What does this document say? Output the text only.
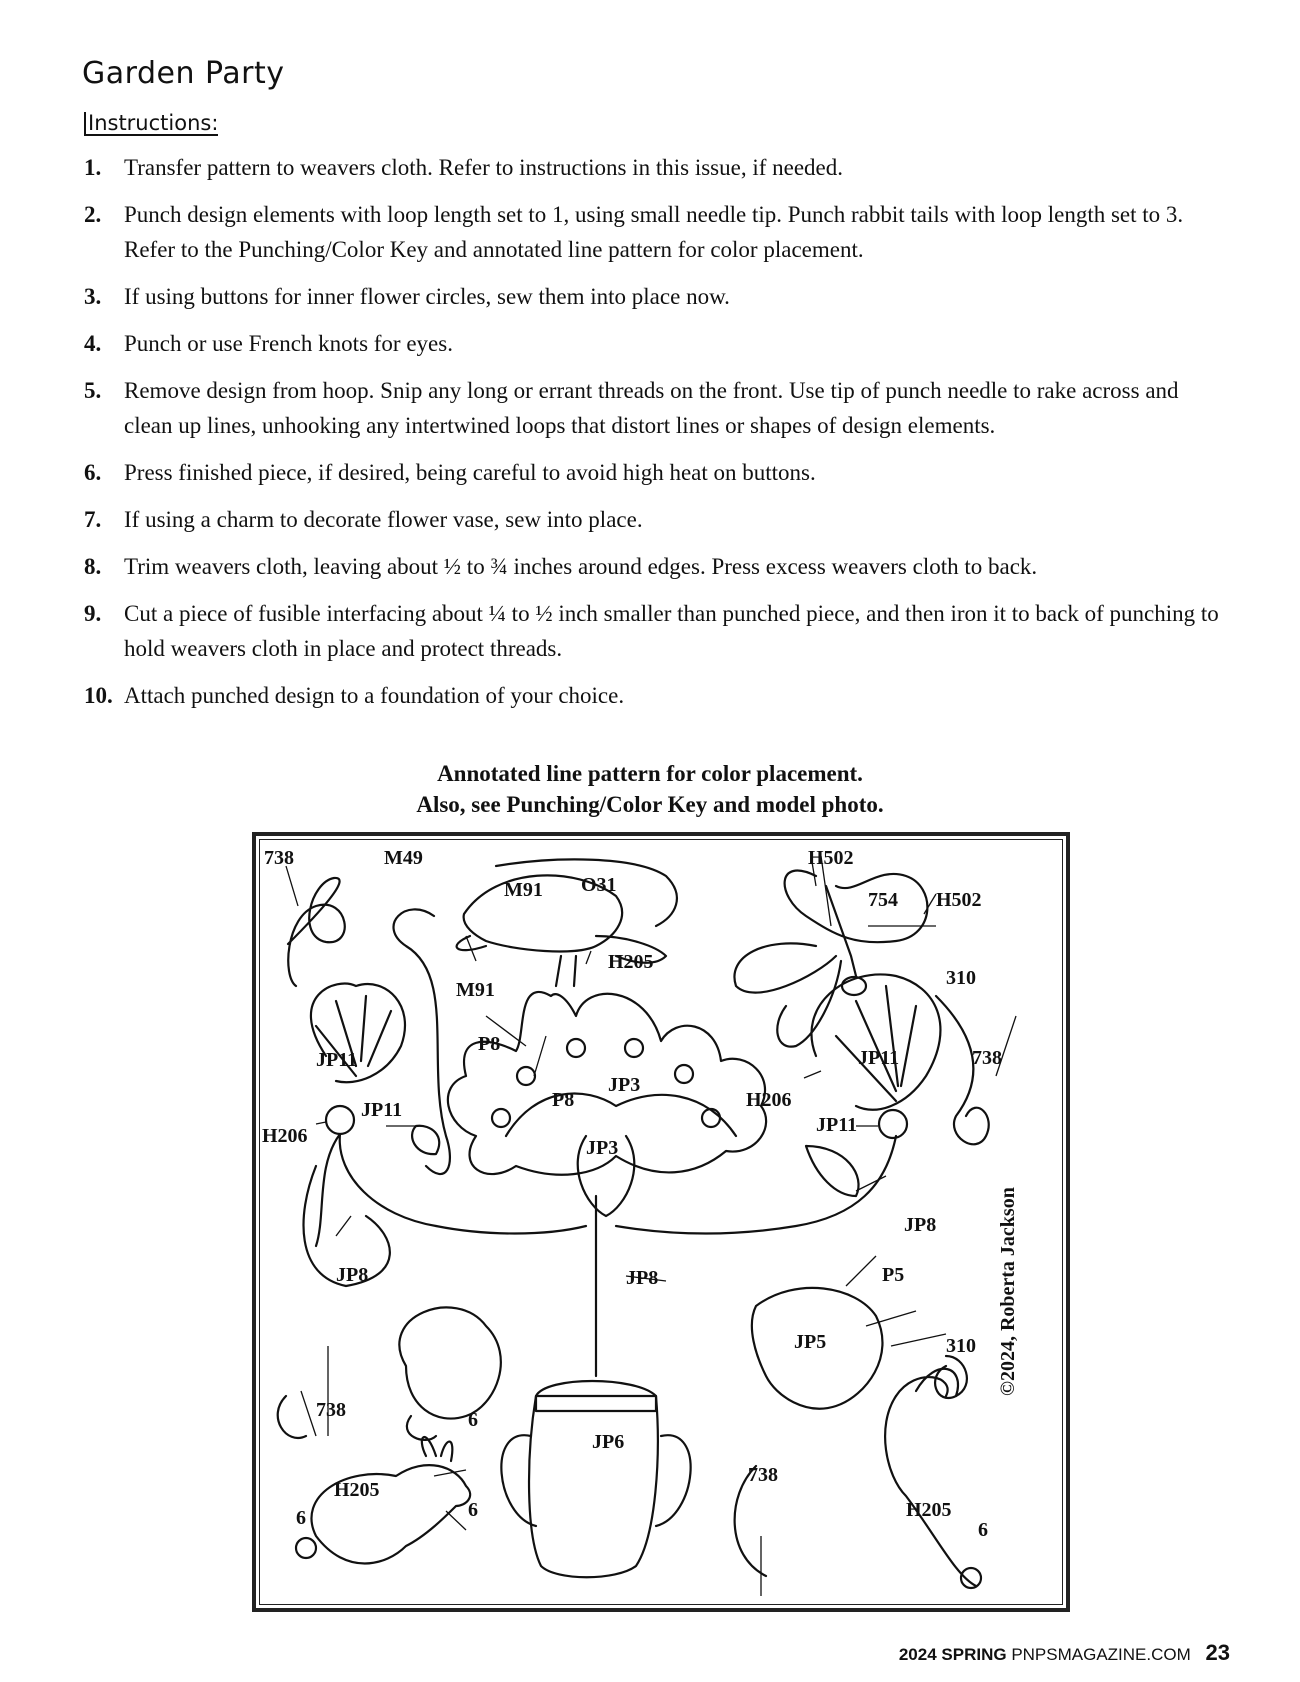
Garden Party
Instructions:
1. Transfer pattern to weavers cloth. Refer to instructions in this issue, if needed.
2. Punch design elements with loop length set to 1, using small needle tip. Punch rabbit tails with loop length set to 3. Refer to the Punching/Color Key and annotated line pattern for color placement.
3. If using buttons for inner flower circles, sew them into place now.
4. Punch or use French knots for eyes.
5. Remove design from hoop. Snip any long or errant threads on the front. Use tip of punch needle to rake across and clean up lines, unhooking any intertwined loops that distort lines or shapes of design elements.
6. Press finished piece, if desired, being careful to avoid high heat on buttons.
7. If using a charm to decorate flower vase, sew into place.
8. Trim weavers cloth, leaving about ½ to ¾ inches around edges. Press excess weavers cloth to back.
9. Cut a piece of fusible interfacing about ¼ to ½ inch smaller than punched piece, and then iron it to back of punching to hold weavers cloth in place and protect threads.
10. Attach punched design to a foundation of your choice.
Annotated line pattern for color placement.
Also, see Punching/Color Key and model photo.
738	M49
M91 O31
H502
754 H502
H205
M91
310
P8
JP11	JP11
JP3
P8
JP11
738
H206
H206
JP11
JP3
JP8
JP8	JP8	P5
JP5	310
738	6
JP6
H205
6
738
H205
6
6
©2024, Roberta Jackson
2024 SPRING PNPSMAGAZINE.COM 23
